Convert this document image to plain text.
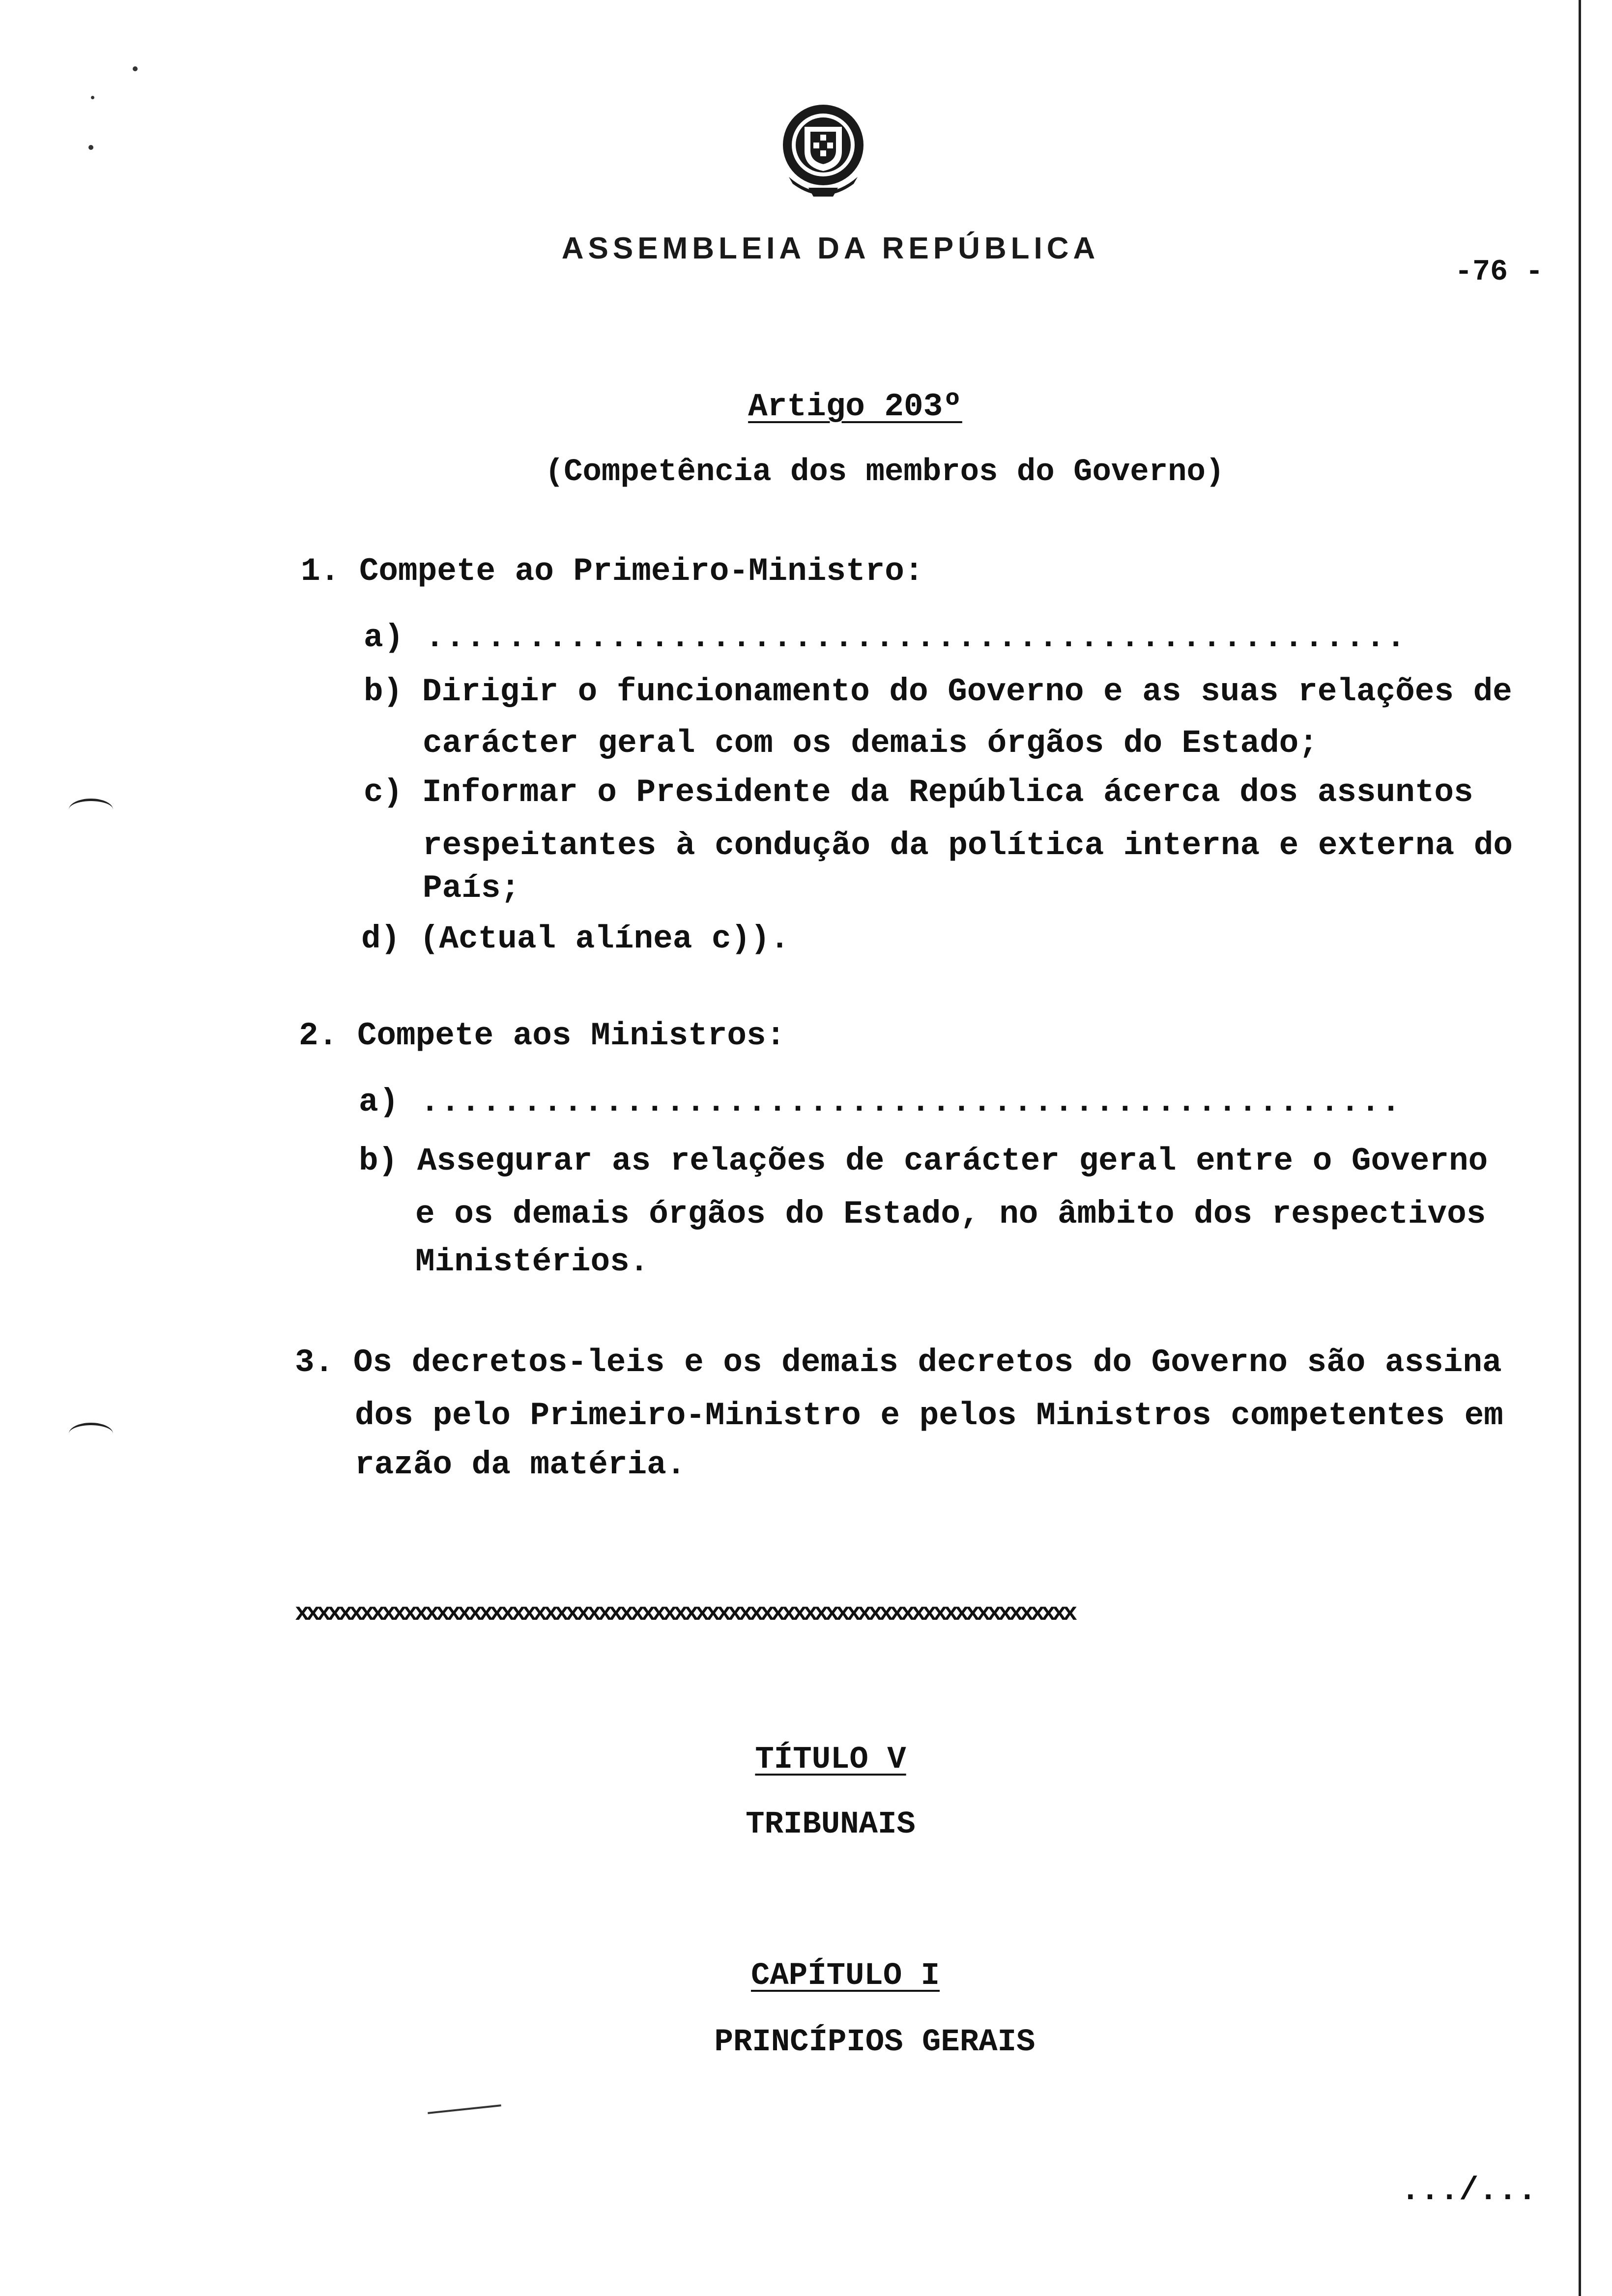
ASSEMBLEIA DA REPÚBLICA
-76 -
Artigo 203º
(Competência dos membros do Governo)
1. Compete ao Primeiro-Ministro:
a) ................................................
b) Dirigir o funcionamento do Governo e as suas relações de
carácter geral com os demais órgãos do Estado;
c) Informar o Presidente da República ácerca dos assuntos
respeitantes à condução da política interna e externa do
País;
d) (Actual alínea c)).
2. Compete aos Ministros:
a) ................................................
b) Assegurar as relações de carácter geral entre o Governo
e os demais órgãos do Estado, no âmbito dos respectivos
Ministérios.
3. Os decretos-leis e os demais decretos do Governo são assina
dos pelo Primeiro-Ministro e pelos Ministros competentes em
razão da matéria.
xxxxxxxxxxxxxxxxxxxxxxxxxxxxxxxxxxxxxxxxxxxxxxxxxxxxxxxxxxxxxxxxxxxxxxxx
TÍTULO V
TRIBUNAIS
CAPÍTULO I
PRINCÍPIOS GERAIS
.../...
